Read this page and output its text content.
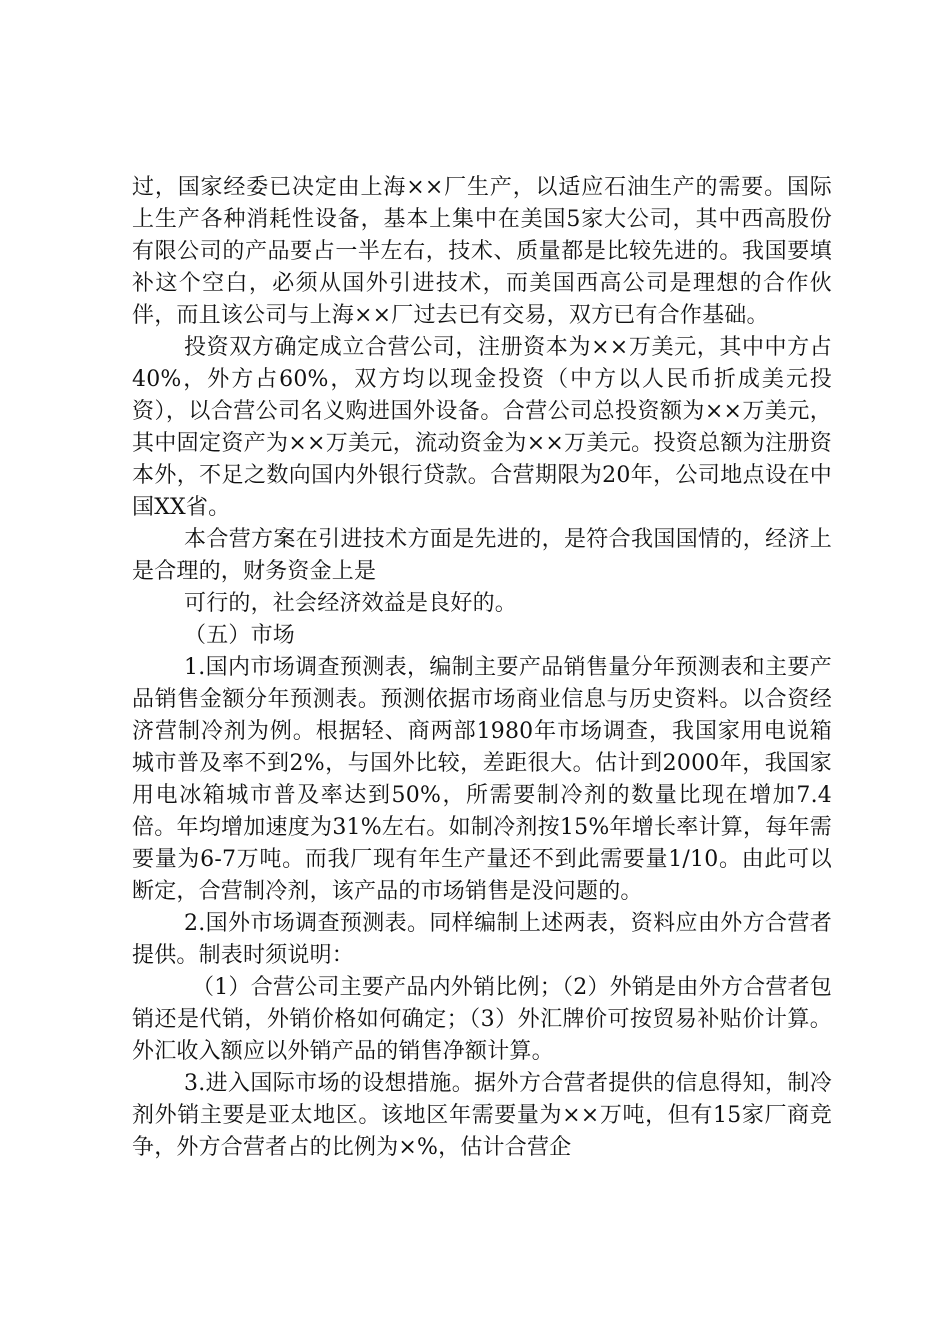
过，国家经委已决定由上海××厂生产，以适应石油生产的需要。国际上生产各种消耗性设备，基本上集中在美国5家大公司，其中西高股份有限公司的产品要占一半左右，技术、质量都是比较先进的。我国要填补这个空白，必须从国外引进技术，而美国西高公司是理想的合作伙伴，而且该公司与上海××厂过去已有交易，双方已有合作基础。

投资双方确定成立合营公司，注册资本为××万美元，其中中方占40%，外方占60%，双方均以现金投资（中方以人民币折成美元投资），以合营公司名义购进国外设备。合营公司总投资额为××万美元，其中固定资产为××万美元，流动资金为××万美元。投资总额为注册资本外，不足之数向国内外银行贷款。合营期限为20年，公司地点设在中国XX省。

本合营方案在引进技术方面是先进的，是符合我国国情的，经济上是合理的，财务资金上是

可行的，社会经济效益是良好的。

（五）市场

1.国内市场调查预测表，编制主要产品销售量分年预测表和主要产品销售金额分年预测表。预测依据市场商业信息与历史资料。以合资经济营制冷剂为例。根据轻、商两部1980年市场调查，我国家用电说箱城市普及率不到2%，与国外比较，差距很大。估计到2000年，我国家用电冰箱城市普及率达到50%，所需要制冷剂的数量比现在增加7.4倍。年均增加速度为31%左右。如制冷剂按15%年增长率计算，每年需要量为6-7万吨。而我厂现有年生产量还不到此需要量1/10。由此可以断定，合营制冷剂，该产品的市场销售是没问题的。

2.国外市场调查预测表。同样编制上述两表，资料应由外方合营者提供。制表时须说明：

（1）合营公司主要产品内外销比例；（2）外销是由外方合营者包销还是代销，外销价格如何确定；（3）外汇牌价可按贸易补贴价计算。外汇收入额应以外销产品的销售净额计算。

3.进入国际市场的设想措施。据外方合营者提供的信息得知，制冷剂外销主要是亚太地区。该地区年需要量为××万吨，但有15家厂商竞争，外方合营者占的比例为×%，估计合营企
